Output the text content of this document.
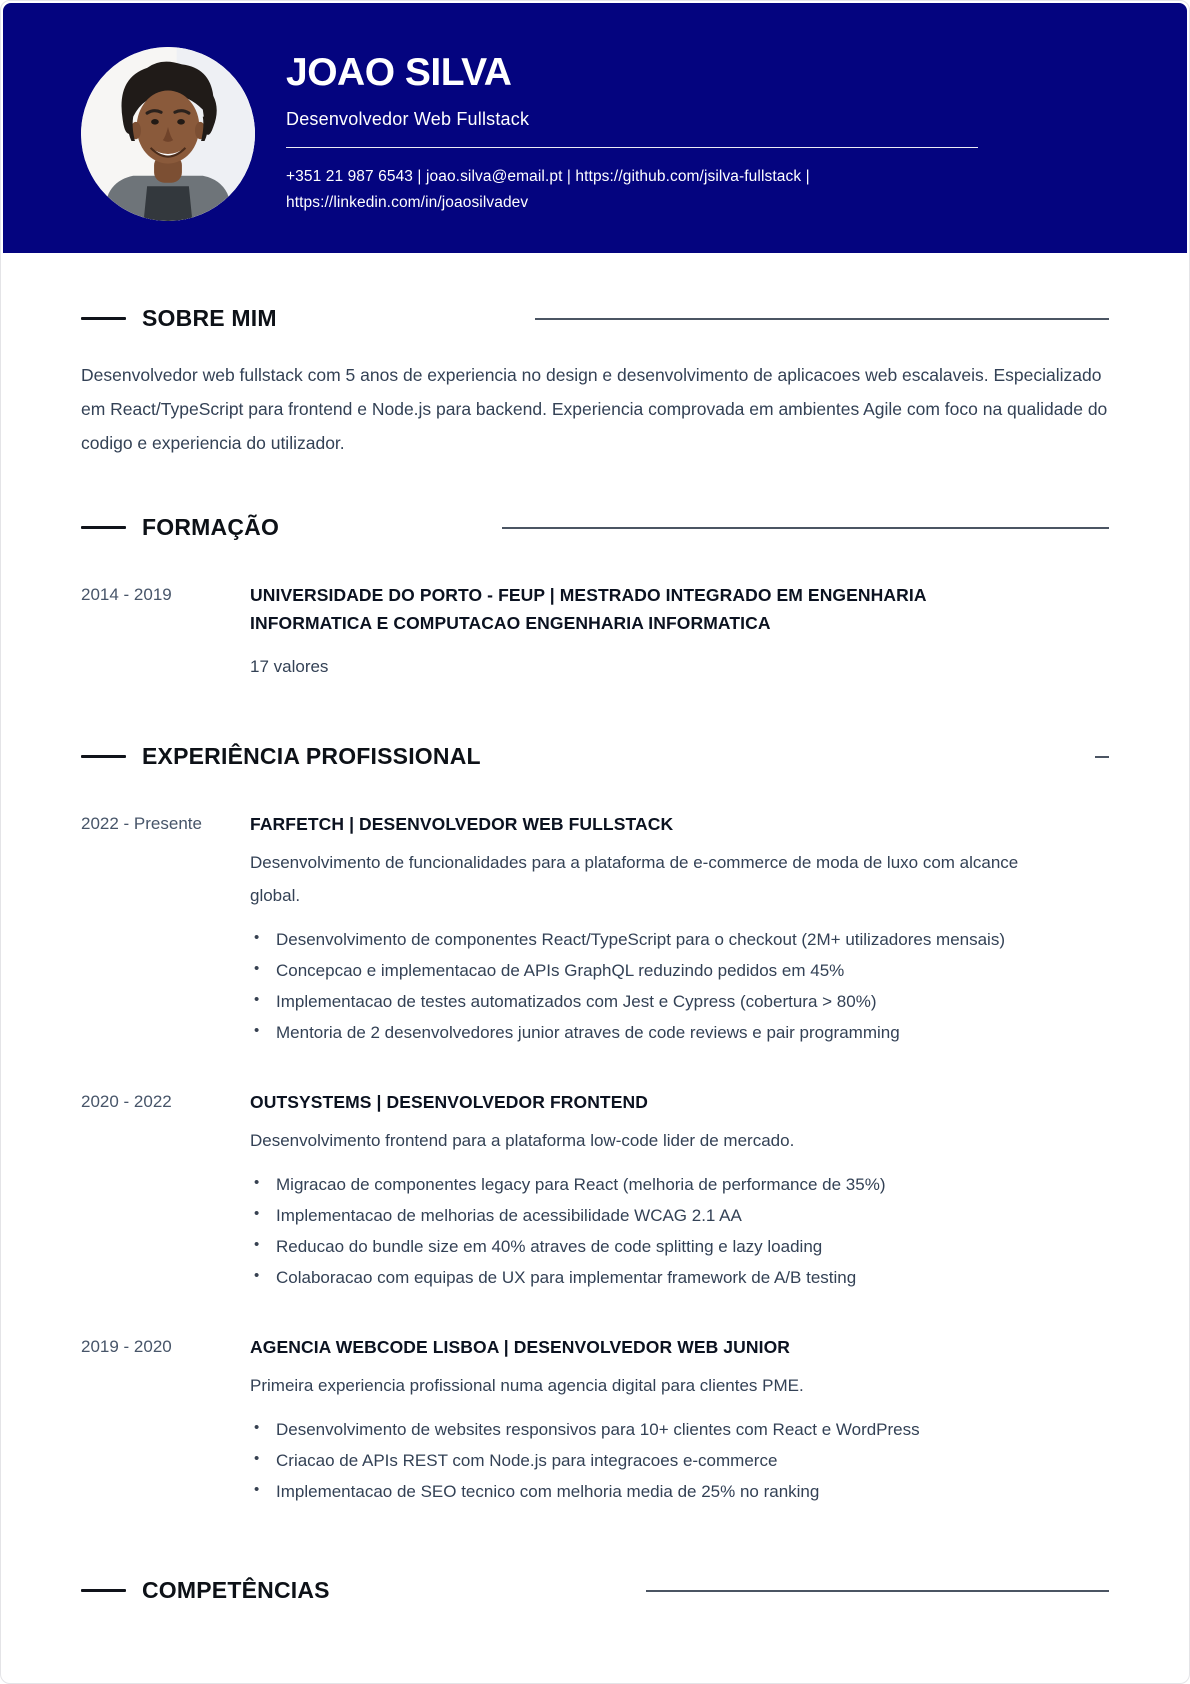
JOAO SILVA
Desenvolvedor Web Fullstack
+351 21 987 6543 | joao.silva@email.pt | https://github.com/jsilva-fullstack | https://linkedin.com/in/joaosilvadev
SOBRE MIM

Desenvolvedor web fullstack com 5 anos de experiencia no design e desenvolvimento de aplicacoes web escalaveis. Especializado em React/TypeScript para frontend e Node.js para backend. Experiencia comprovada em ambientes Agile com foco na qualidade do codigo e experiencia do utilizador.

FORMAÇÃO
2014 - 2019	UNIVERSIDADE DO PORTO - FEUP | MESTRADO INTEGRADO EM ENGENHARIA INFORMATICA E COMPUTACAO ENGENHARIA INFORMATICA
17 valores
EXPERIÊNCIA PROFISSIONAL
2022 - Presente	FARFETCH | DESENVOLVEDOR WEB FULLSTACK
Desenvolvimento de funcionalidades para a plataforma de e-commerce de moda de luxo com alcance global.
• Desenvolvimento de componentes React/TypeScript para o checkout (2M+ utilizadores mensais)
• Concepcao e implementacao de APIs GraphQL reduzindo pedidos em 45%
• Implementacao de testes automatizados com Jest e Cypress (cobertura > 80%)
• Mentoria de 2 desenvolvedores junior atraves de code reviews e pair programming
2020 - 2022	OUTSYSTEMS | DESENVOLVEDOR FRONTEND
Desenvolvimento frontend para a plataforma low-code lider de mercado.
• Migracao de componentes legacy para React (melhoria de performance de 35%)
• Implementacao de melhorias de acessibilidade WCAG 2.1 AA
• Reducao do bundle size em 40% atraves de code splitting e lazy loading
• Colaboracao com equipas de UX para implementar framework de A/B testing
2019 - 2020	AGENCIA WEBCODE LISBOA | DESENVOLVEDOR WEB JUNIOR
Primeira experiencia profissional numa agencia digital para clientes PME.
• Desenvolvimento de websites responsivos para 10+ clientes com React e WordPress
• Criacao de APIs REST com Node.js para integracoes e-commerce
• Implementacao de SEO tecnico com melhoria media de 25% no ranking
COMPETÊNCIAS
